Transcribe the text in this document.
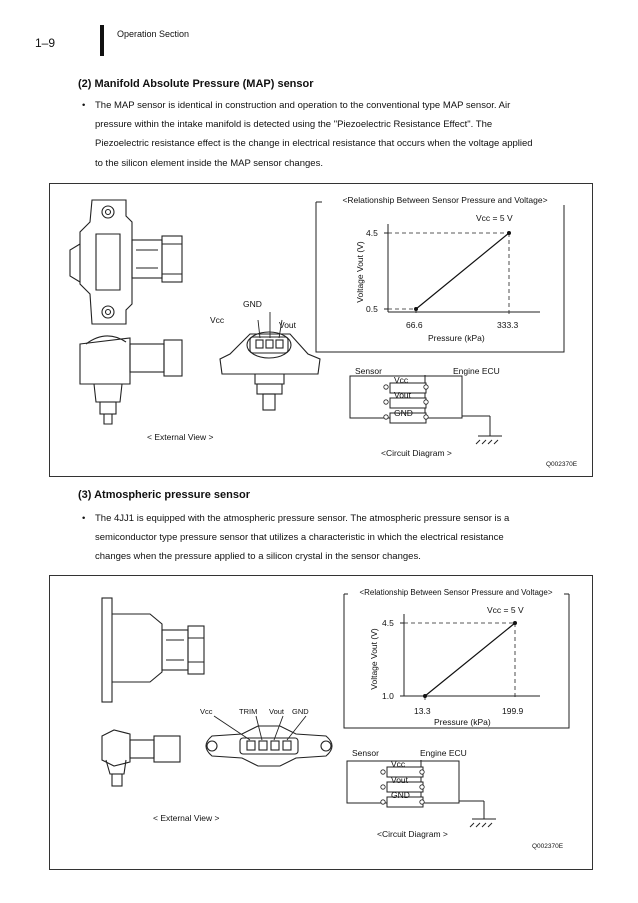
1–9
Operation Section
(2) Manifold Absolute Pressure (MAP) sensor
• The MAP sensor is identical in construction and operation to the conventional type MAP sensor. Air
pressure within the intake manifold is detected using the "Piezoelectric Resistance Effect". The
Piezoelectric resistance effect is the change in electrical resistance that occurs when the voltage applied
to the silicon element inside the MAP sensor changes.
<Relationship Between Sensor Pressure and Voltage>
Vcc = 5 V
Voltage Vout (V)
4.5
0.5
66.6	333.3
Pressure (kPa)
Vcc
GND
Vout
Sensor	Engine ECU
Vcc
Vout
GND
< External View >
<Circuit Diagram >
Q002370E
(3) Atmospheric pressure sensor
• The 4JJ1 is equipped with the atmospheric pressure sensor. The atmospheric pressure sensor is a
semiconductor type pressure sensor that utilizes a characteristic in which the electrical resistance
changes when the pressure applied to a silicon crystal in the sensor changes.
<Relationship Between Sensor Pressure and Voltage>
Vcc = 5 V
Voltage Vout (V)
4.5
1.0
13.3	199.9
Pressure (kPa)
Vcc	TRIM Vout GND
Sensor	Engine ECU
Vcc
Vout
GND
< External View >
<Circuit Diagram >
Q002370E
